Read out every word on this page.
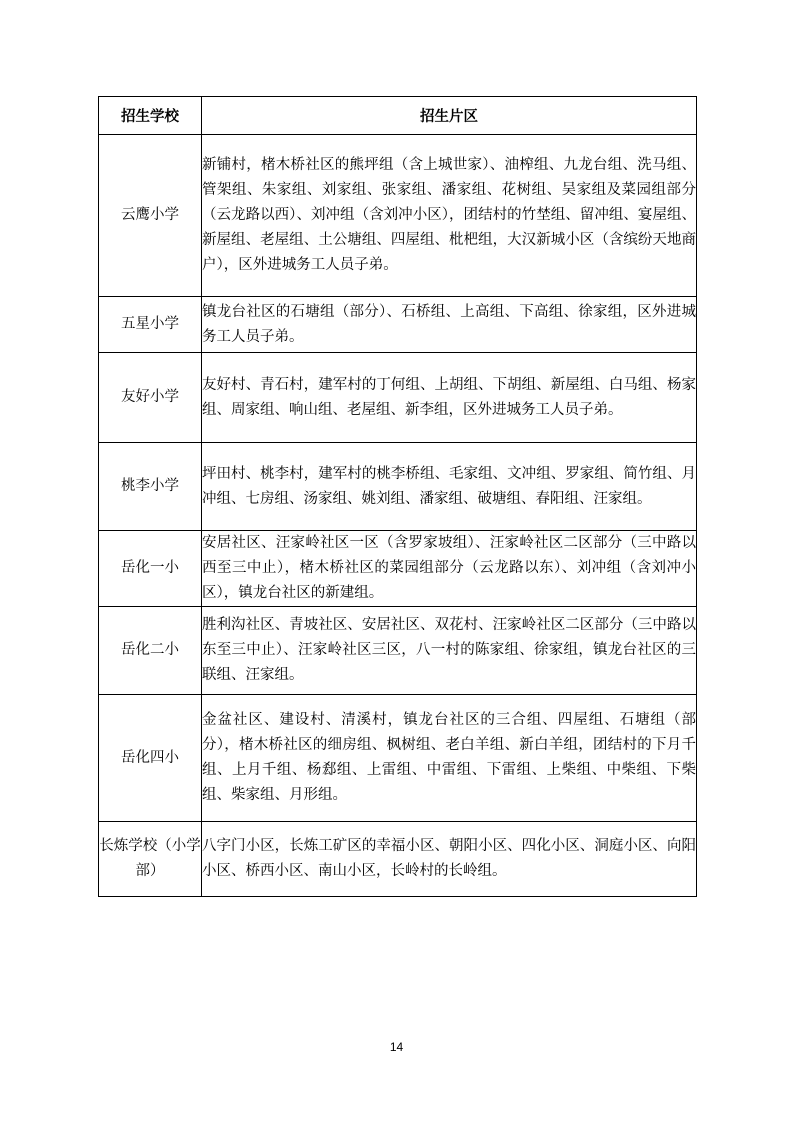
招生学校	招生片区
云鹰小学	新铺村，楮木桥社区的熊坪组（含上城世家）、油榨组、九龙台组、洗马组、管架组、朱家组、刘家组、张家组、潘家组、花树组、吴家组及菜园组部分（云龙路以西）、刘冲组（含刘冲小区），团结村的竹埜组、留冲组、宴屋组、新屋组、老屋组、土公塘组、四屋组、枇杷组，大汉新城小区（含缤纷天地商户），区外进城务工人员子弟。

五星小学	镇龙台社区的石塘组（部分）、石桥组、上高组、下高组、徐家组，区外进城务工人员子弟。

友好小学	友好村、青石村，建军村的丁何组、上胡组、下胡组、新屋组、白马组、杨家组、周家组、响山组、老屋组、新李组，区外进城务工人员子弟。

桃李小学	坪田村、桃李村，建军村的桃李桥组、毛家组、文冲组、罗家组、简竹组、月冲组、七房组、汤家组、姚刘组、潘家组、破塘组、春阳组、汪家组。

岳化一小	安居社区、汪家岭社区一区（含罗家坡组）、汪家岭社区二区部分（三中路以西至三中止），楮木桥社区的菜园组部分（云龙路以东）、刘冲组（含刘冲小区），镇龙台社区的新建组。

岳化二小	胜利沟社区、青坡社区、安居社区、双花村、汪家岭社区二区部分（三中路以东至三中止）、汪家岭社区三区，八一村的陈家组、徐家组，镇龙台社区的三联组、汪家组。

岳化四小	金盆社区、建设村、清溪村，镇龙台社区的三合组、四屋组、石塘组（部分），楮木桥社区的细房组、枫树组、老白羊组、新白羊组，团结村的下月千组、上月千组、杨郄组、上雷组、中雷组、下雷组、上柴组、中柴组、下柴组、柴家组、月形组。

长炼学校（小学部）	八字门小区，长炼工矿区的幸福小区、朝阳小区、四化小区、洞庭小区、向阳小区、桥西小区、南山小区，长岭村的长岭组。
14
